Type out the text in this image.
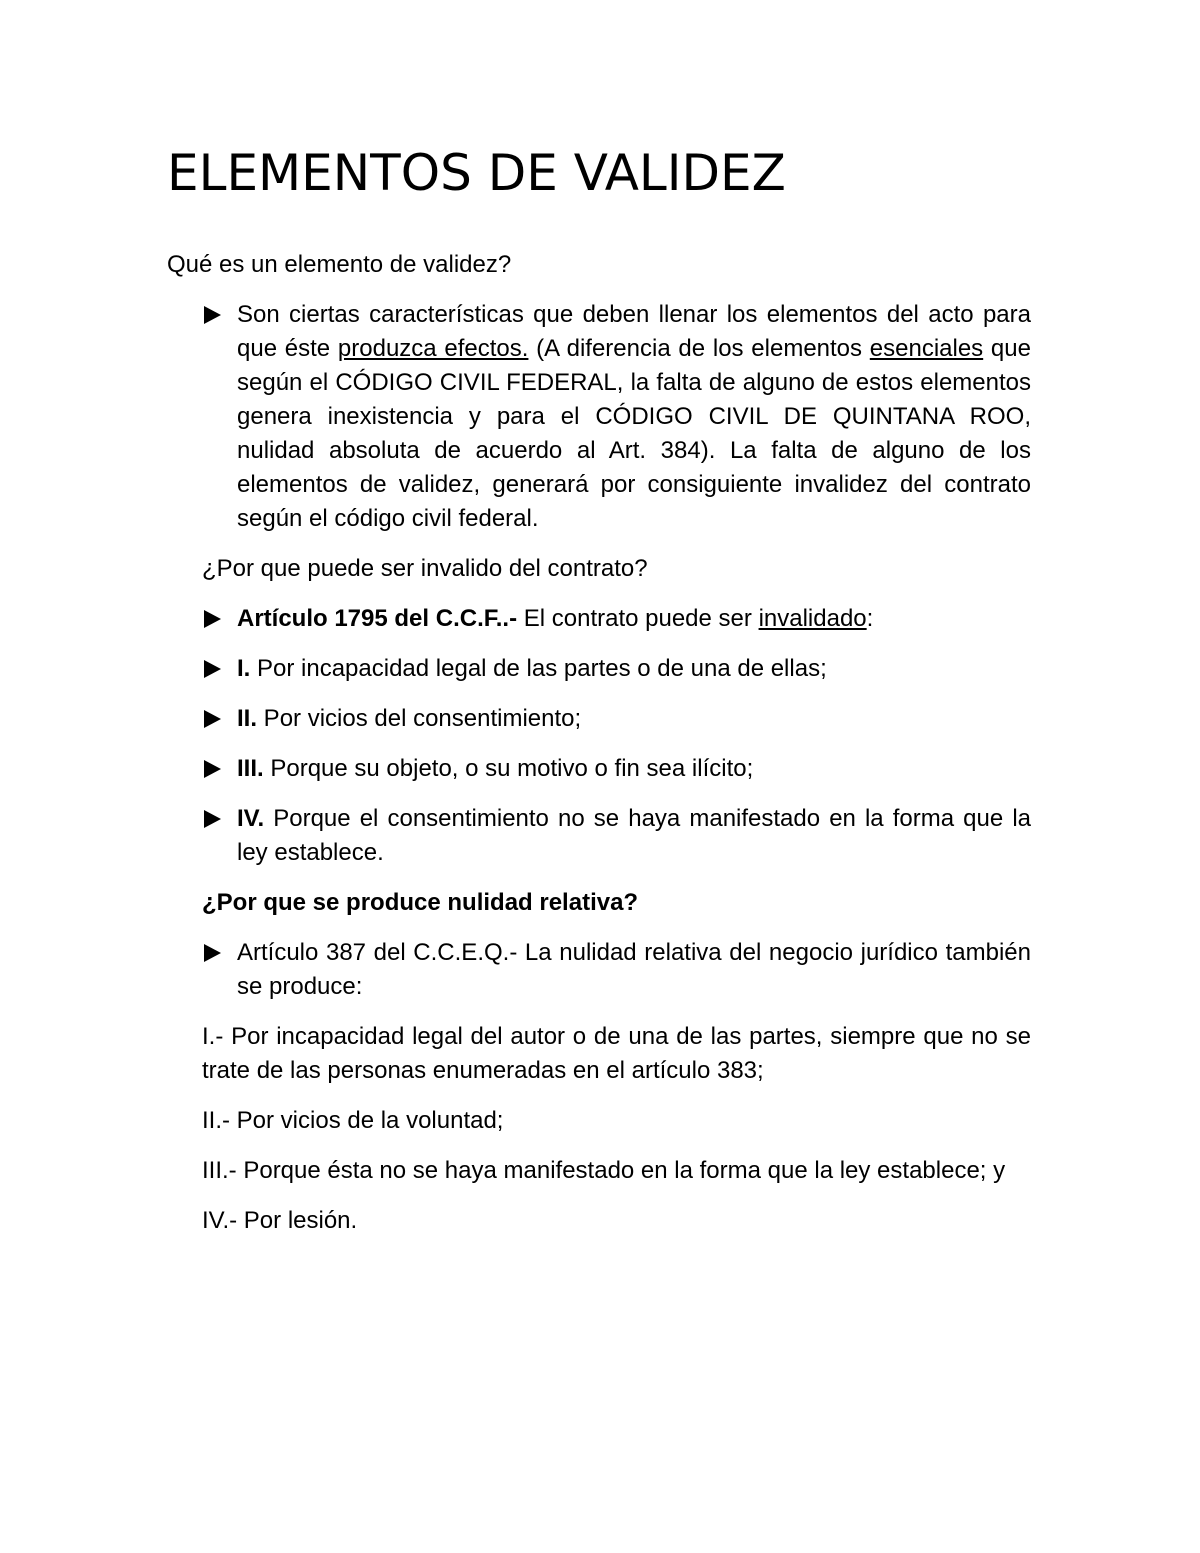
ELEMENTOS DE VALIDEZ

Qué es un elemento de validez?

Son ciertas características que deben llenar los elementos del acto para que éste produzca efectos. (A diferencia de los elementos esenciales que según el CÓDIGO CIVIL FEDERAL, la falta de alguno de estos elementos genera inexistencia y para el CÓDIGO CIVIL DE QUINTANA ROO, nulidad absoluta de acuerdo al Art. 384). La falta de alguno de los elementos de validez, generará por consiguiente invalidez del contrato según el código civil federal.

¿Por que puede ser invalido del contrato?

Artículo 1795 del C.C.F..- El contrato puede ser invalidado:
I. Por incapacidad legal de las partes o de una de ellas;
II. Por vicios del consentimiento;
III. Porque su objeto, o su motivo o fin sea ilícito;
IV. Porque el consentimiento no se haya manifestado en la forma que la ley establece.

¿Por que se produce nulidad relativa?

Artículo 387 del C.C.E.Q.- La nulidad relativa del negocio jurídico también se produce:

I.- Por incapacidad legal del autor o de una de las partes, siempre que no se trate de las personas enumeradas en el artículo 383;

II.- Por vicios de la voluntad;

III.- Porque ésta no se haya manifestado en la forma que la ley establece; y

IV.- Por lesión.
